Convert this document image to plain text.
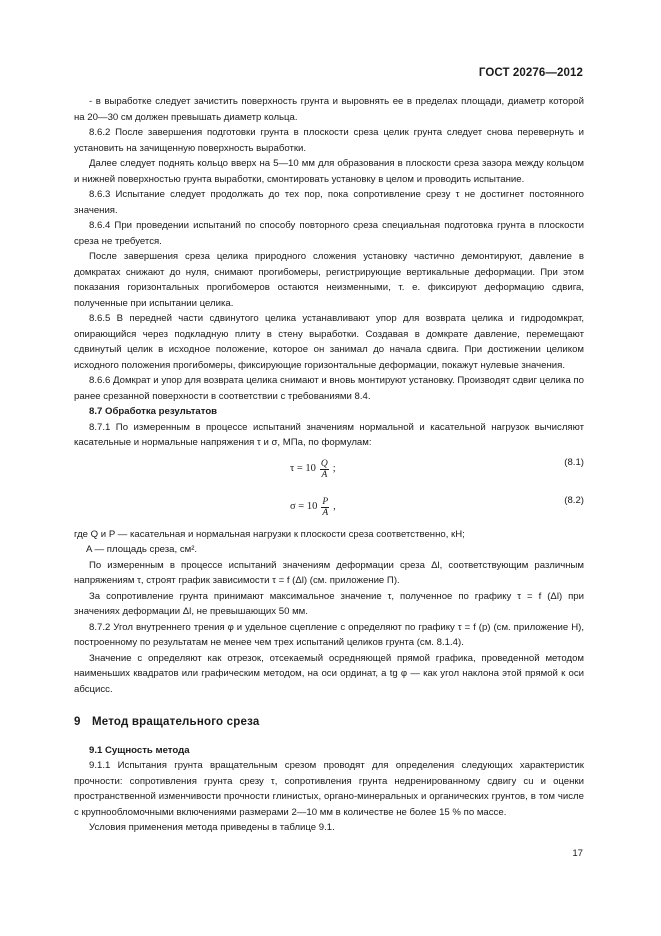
ГОСТ 20276—2012

- в выработке следует зачистить поверхность грунта и выровнять ее в пределах площади, диаметр которой на 20—30 см должен превышать диаметр кольца.

8.6.2 После завершения подготовки грунта в плоскости среза целик грунта следует снова перевернуть и установить на зачищенную поверхность выработки.

Далее следует поднять кольцо вверх на 5—10 мм для образования в плоскости среза зазора между кольцом и нижней поверхностью грунта выработки, смонтировать установку в целом и проводить испытание.

8.6.3 Испытание следует продолжать до тех пор, пока сопротивление срезу τ не достигнет постоянного значения.

8.6.4 При проведении испытаний по способу повторного среза специальная подготовка грунта в плоскости среза не требуется.

После завершения среза целика природного сложения установку частично демонтируют, давление в домкратах снижают до нуля, снимают прогибомеры, регистрирующие вертикальные деформации. При этом показания горизонтальных прогибомеров остаются неизменными, т. е. фиксируют деформацию сдвига, полученные при испытании целика.

8.6.5 В передней части сдвинутого целика устанавливают упор для возврата целика и гидродомкрат, опирающийся через подкладную плиту в стену выработки. Создавая в домкрате давление, перемещают сдвинутый целик в исходное положение, которое он занимал до начала сдвига. При достижении целиком исходного положения прогибомеры, фиксирующие горизонтальные деформации, покажут нулевые значения.

8.6.6 Домкрат и упор для возврата целика снимают и вновь монтируют установку. Производят сдвиг целика по ранее срезанной поверхности в соответствии с требованиями 8.4.

8.7 Обработка результатов

8.7.1 По измеренным в процессе испытаний значениям нормальной и касательной нагрузок вычисляют касательные и нормальные напряжения τ и σ, МПа, по формулам:

$\tau = 10 \frac{Q}{A}$ ;
(8.1)
$\sigma = 10 \frac{P}{A}$ ,
(8.2)

где Q и P — касательная и нормальная нагрузки к плоскости среза соответственно, кН;

A — площадь среза, см².

По измеренным в процессе испытаний значениям деформации среза Δl, соответствующим различным напряжениям τ, строят график зависимости τ = f (Δl) (см. приложение П).

За сопротивление грунта принимают максимальное значение τ, полученное по графику τ = f (Δl) при значениях деформации Δl, не превышающих 50 мм.

8.7.2 Угол внутреннего трения φ и удельное сцепление c определяют по графику τ = f (p) (см. приложение Н), построенному по результатам не менее чем трех испытаний целиков грунта (см. 8.1.4).

Значение c определяют как отрезок, отсекаемый осредняющей прямой графика, проведенной методом наименьших квадратов или графическим методом, на оси ординат, а tg φ — как угол наклона этой прямой к оси абсцисс.

9 Метод вращательного среза

9.1 Сущность метода

9.1.1 Испытания грунта вращательным срезом проводят для определения следующих характеристик прочности: сопротивления грунта срезу τ, сопротивления грунта недренированному сдвигу cu и оценки пространственной изменчивости прочности глинистых, органо-минеральных и органических грунтов, в том числе с крупнообломочными включениями размерами 2—10 мм в количестве не более 15 % по массе.

Условия применения метода приведены в таблице 9.1.

17
